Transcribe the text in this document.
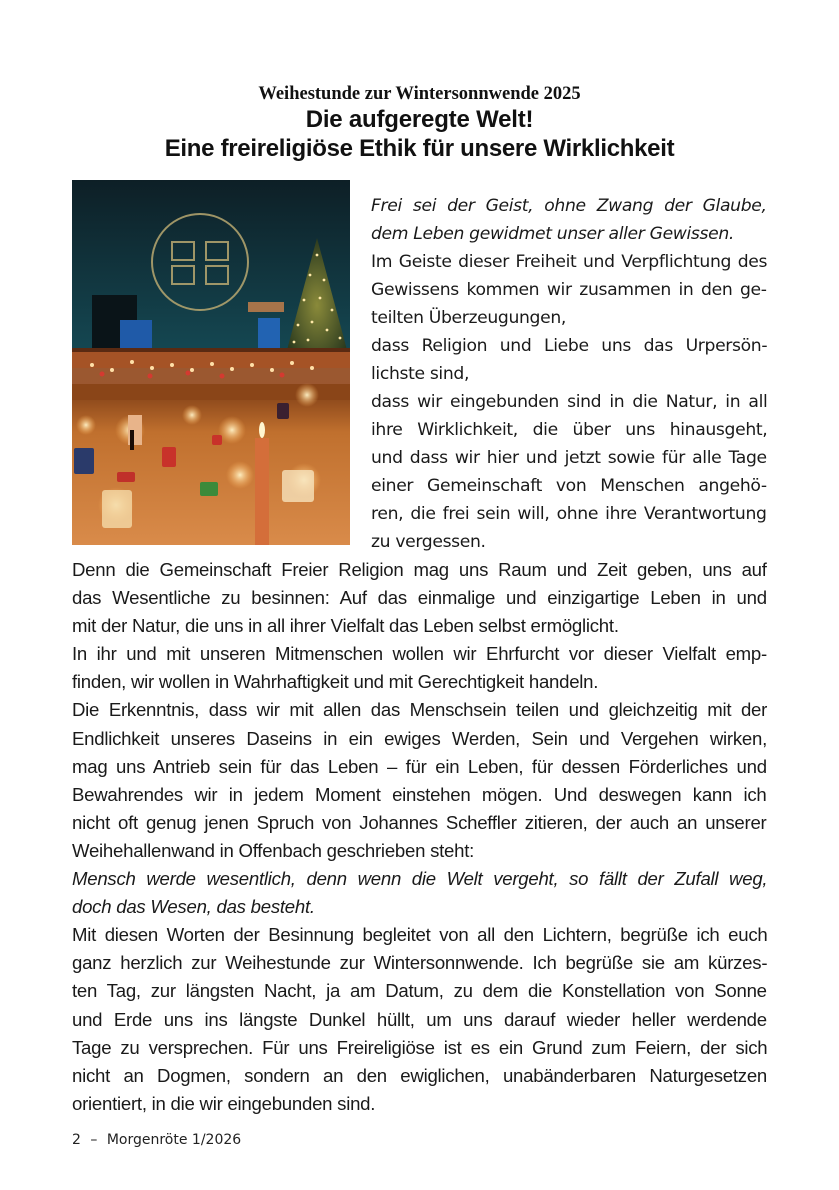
Weihestunde zur Wintersonnwende 2025
Die aufgeregte Welt!
Eine freireligiöse Ethik für unsere Wirklichkeit
Frei sei der Geist, ohne Zwang der Glaube,
dem Leben gewidmet unser aller Gewissen.
Im Geiste dieser Freiheit und Verpflichtung des
Gewissens kommen wir zusammen in den ge-
teilten Überzeugungen,
dass Religion und Liebe uns das Urpersön-
lichste sind,
dass wir eingebunden sind in die Natur, in all
ihre Wirklichkeit, die über uns hinausgeht,
und dass wir hier und jetzt sowie für alle Tage
einer Gemeinschaft von Menschen angehö-
ren, die frei sein will, ohne ihre Verantwortung
zu vergessen.
Denn die Gemeinschaft Freier Religion mag uns Raum und Zeit geben, uns auf
das Wesentliche zu besinnen: Auf das einmalige und einzigartige Leben in und
mit der Natur, die uns in all ihrer Vielfalt das Leben selbst ermöglicht.
In ihr und mit unseren Mitmenschen wollen wir Ehrfurcht vor dieser Vielfalt emp-
finden, wir wollen in Wahrhaftigkeit und mit Gerechtigkeit handeln.
Die Erkenntnis, dass wir mit allen das Menschsein teilen und gleichzeitig mit der
Endlichkeit unseres Daseins in ein ewiges Werden, Sein und Vergehen wirken,
mag uns Antrieb sein für das Leben – für ein Leben, für dessen Förderliches und
Bewahrendes wir in jedem Moment einstehen mögen. Und deswegen kann ich
nicht oft genug jenen Spruch von Johannes Scheffler zitieren, der auch an unserer
Weihehallenwand in Offenbach geschrieben steht:
Mensch werde wesentlich, denn wenn die Welt vergeht, so fällt der Zufall weg,
doch das Wesen, das besteht.
Mit diesen Worten der Besinnung begleitet von all den Lichtern, begrüße ich euch
ganz herzlich zur Weihestunde zur Wintersonnwende. Ich begrüße sie am kürzes-
ten Tag, zur längsten Nacht, ja am Datum, zu dem die Konstellation von Sonne
und Erde uns ins längste Dunkel hüllt, um uns darauf wieder heller werdende
Tage zu versprechen. Für uns Freireligiöse ist es ein Grund zum Feiern, der sich
nicht an Dogmen, sondern an den ewiglichen, unabänderbaren Naturgesetzen
orientiert, in die wir eingebunden sind.
2 – Morgenröte 1/2026
